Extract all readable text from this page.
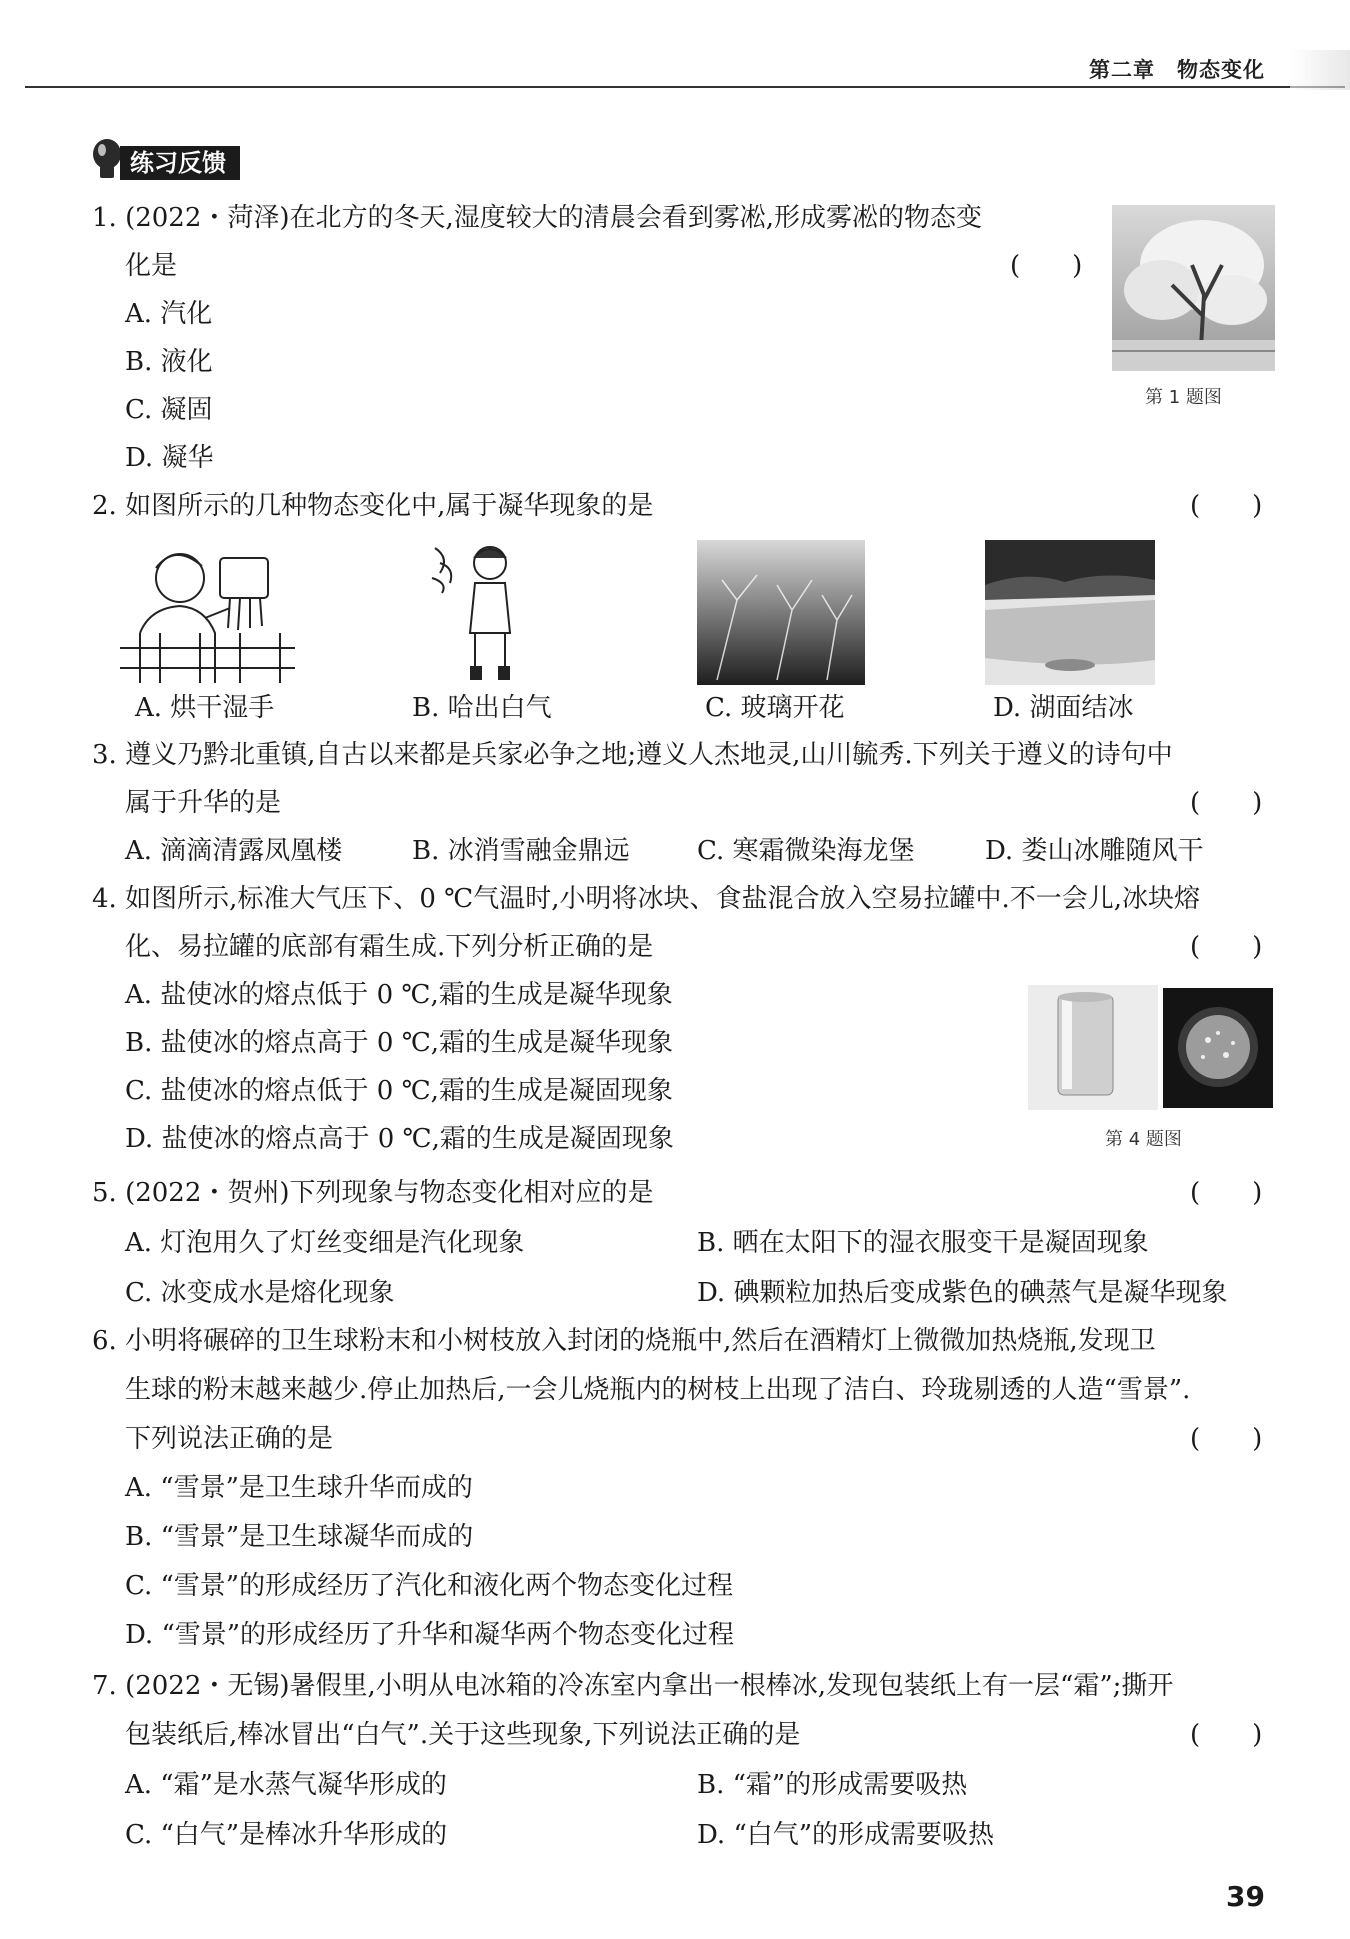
第二章　物态变化
练习反馈
1. (2022・菏泽)在北方的冬天,湿度较大的清晨会看到雾凇,形成雾凇的物态变
化是	(　　)
A. 汽化
B. 液化
C. 凝固
D. 凝华
第 1 题图
2. 如图所示的几种物态变化中,属于凝华现象的是	(　　)
A. 烘干湿手	B. 哈出白气	C. 玻璃开花	D. 湖面结冰
3. 遵义乃黔北重镇,自古以来都是兵家必争之地;遵义人杰地灵,山川毓秀.下列关于遵义的诗句中
属于升华的是	(　　)
A. 滴滴清露凤凰楼	B. 冰消雪融金鼎远	C. 寒霜微染海龙堡	D. 娄山冰雕随风干
4. 如图所示,标准大气压下、0 ℃气温时,小明将冰块、食盐混合放入空易拉罐中.不一会儿,冰块熔
化、易拉罐的底部有霜生成.下列分析正确的是	(　　)
A. 盐使冰的熔点低于 0 ℃,霜的生成是凝华现象
B. 盐使冰的熔点高于 0 ℃,霜的生成是凝华现象
C. 盐使冰的熔点低于 0 ℃,霜的生成是凝固现象
D. 盐使冰的熔点高于 0 ℃,霜的生成是凝固现象	第 4 题图
5. (2022・贺州)下列现象与物态变化相对应的是	(　　)
A. 灯泡用久了灯丝变细是汽化现象	B. 晒在太阳下的湿衣服变干是凝固现象
C. 冰变成水是熔化现象	D. 碘颗粒加热后变成紫色的碘蒸气是凝华现象
6. 小明将碾碎的卫生球粉末和小树枝放入封闭的烧瓶中,然后在酒精灯上微微加热烧瓶,发现卫
生球的粉末越来越少.停止加热后,一会儿烧瓶内的树枝上出现了洁白、玲珑剔透的人造“雪景”.
下列说法正确的是	(　　)
A. “雪景”是卫生球升华而成的
B. “雪景”是卫生球凝华而成的
C. “雪景”的形成经历了汽化和液化两个物态变化过程
D. “雪景”的形成经历了升华和凝华两个物态变化过程
7. (2022・无锡)暑假里,小明从电冰箱的冷冻室内拿出一根棒冰,发现包装纸上有一层“霜”;撕开
包装纸后,棒冰冒出“白气”.关于这些现象,下列说法正确的是	(　　)
A. “霜”是水蒸气凝华形成的	B. “霜”的形成需要吸热
C. “白气”是棒冰升华形成的	D. “白气”的形成需要吸热
39
